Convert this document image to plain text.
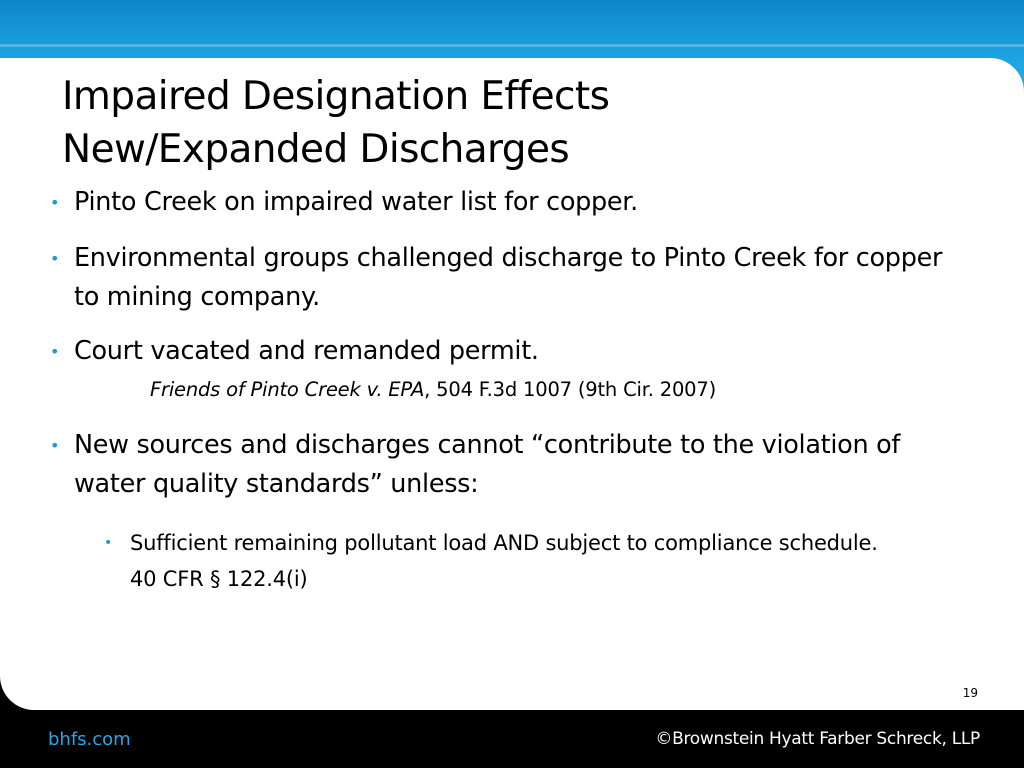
Impaired Designation Effects
New/Expanded Discharges
• Pinto Creek on impaired water list for copper.
• Environmental groups challenged discharge to Pinto Creek for copper to mining company.
• Court vacated and remanded permit.
Friends of Pinto Creek v. EPA, 504 F.3d 1007 (9th Cir. 2007)
• New sources and discharges cannot “contribute to the violation of water quality standards” unless:
• Sufficient remaining pollutant load AND subject to compliance schedule. 40 CFR § 122.4(i)
19
bhfs.com	©Brownstein Hyatt Farber Schreck, LLP
